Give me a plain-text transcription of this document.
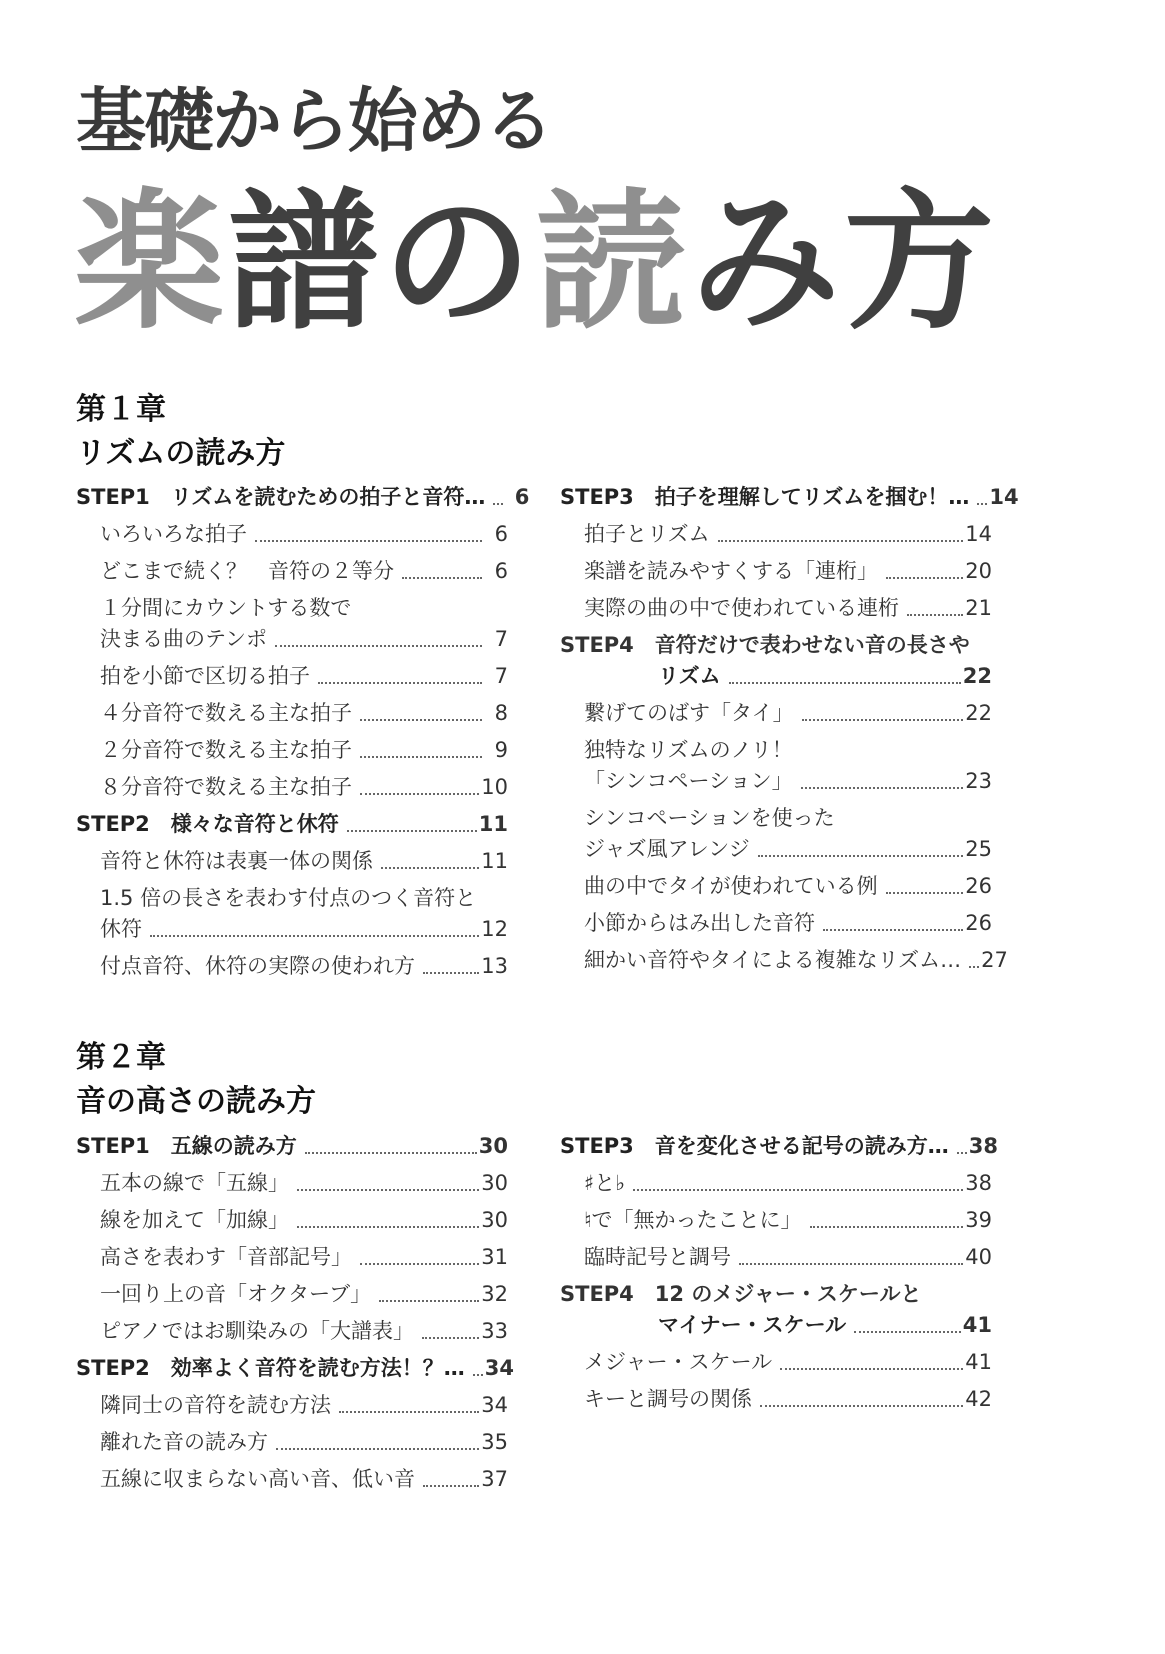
基礎から始める
楽譜の読み方
第１章
リズムの読み方
STEP1　リズムを読むための拍子と音符…	6
いろいろな拍子	6
どこまで続く？　音符の２等分	6
１分間にカウントする数で
決まる曲のテンポ	7
拍を小節で区切る拍子	7
４分音符で数える主な拍子	8
２分音符で数える主な拍子	9
８分音符で数える主な拍子	10
STEP2　様々な音符と休符	11
音符と休符は表裏一体の関係	11
1.5 倍の長さを表わす付点のつく音符と
休符	12
付点音符、休符の実際の使われ方	13
STEP3　拍子を理解してリズムを掴む！… 14
拍子とリズム	14
楽譜を読みやすくする「連桁」	20
実際の曲の中で使われている連桁	21
STEP4　音符だけで表わせない音の長さや
リズム	22
繋げてのばす「タイ」	22
独特なリズムのノリ！
「シンコペーション」	23
シンコペーションを使った
ジャズ風アレンジ	25
曲の中でタイが使われている例	26
小節からはみ出した音符	26
細かい音符やタイによる複雑なリズム… 27
第２章
音の高さの読み方
STEP1　五線の読み方	30
五本の線で「五線」	30
線を加えて「加線」	30
高さを表わす「音部記号」	31
一回り上の音「オクターブ」	32
ピアノではお馴染みの「大譜表」	33
STEP2　効率よく音符を読む方法！？… 34
隣同士の音符を読む方法	34
離れた音の読み方	35
五線に収まらない高い音、低い音	37
STEP3　音を変化させる記号の読み方… 38
♯と♭	38
♮で「無かったことに」	39
臨時記号と調号	40
STEP4　12 のメジャー・スケールと
マイナー・スケール	41
メジャー・スケール	41
キーと調号の関係	42
